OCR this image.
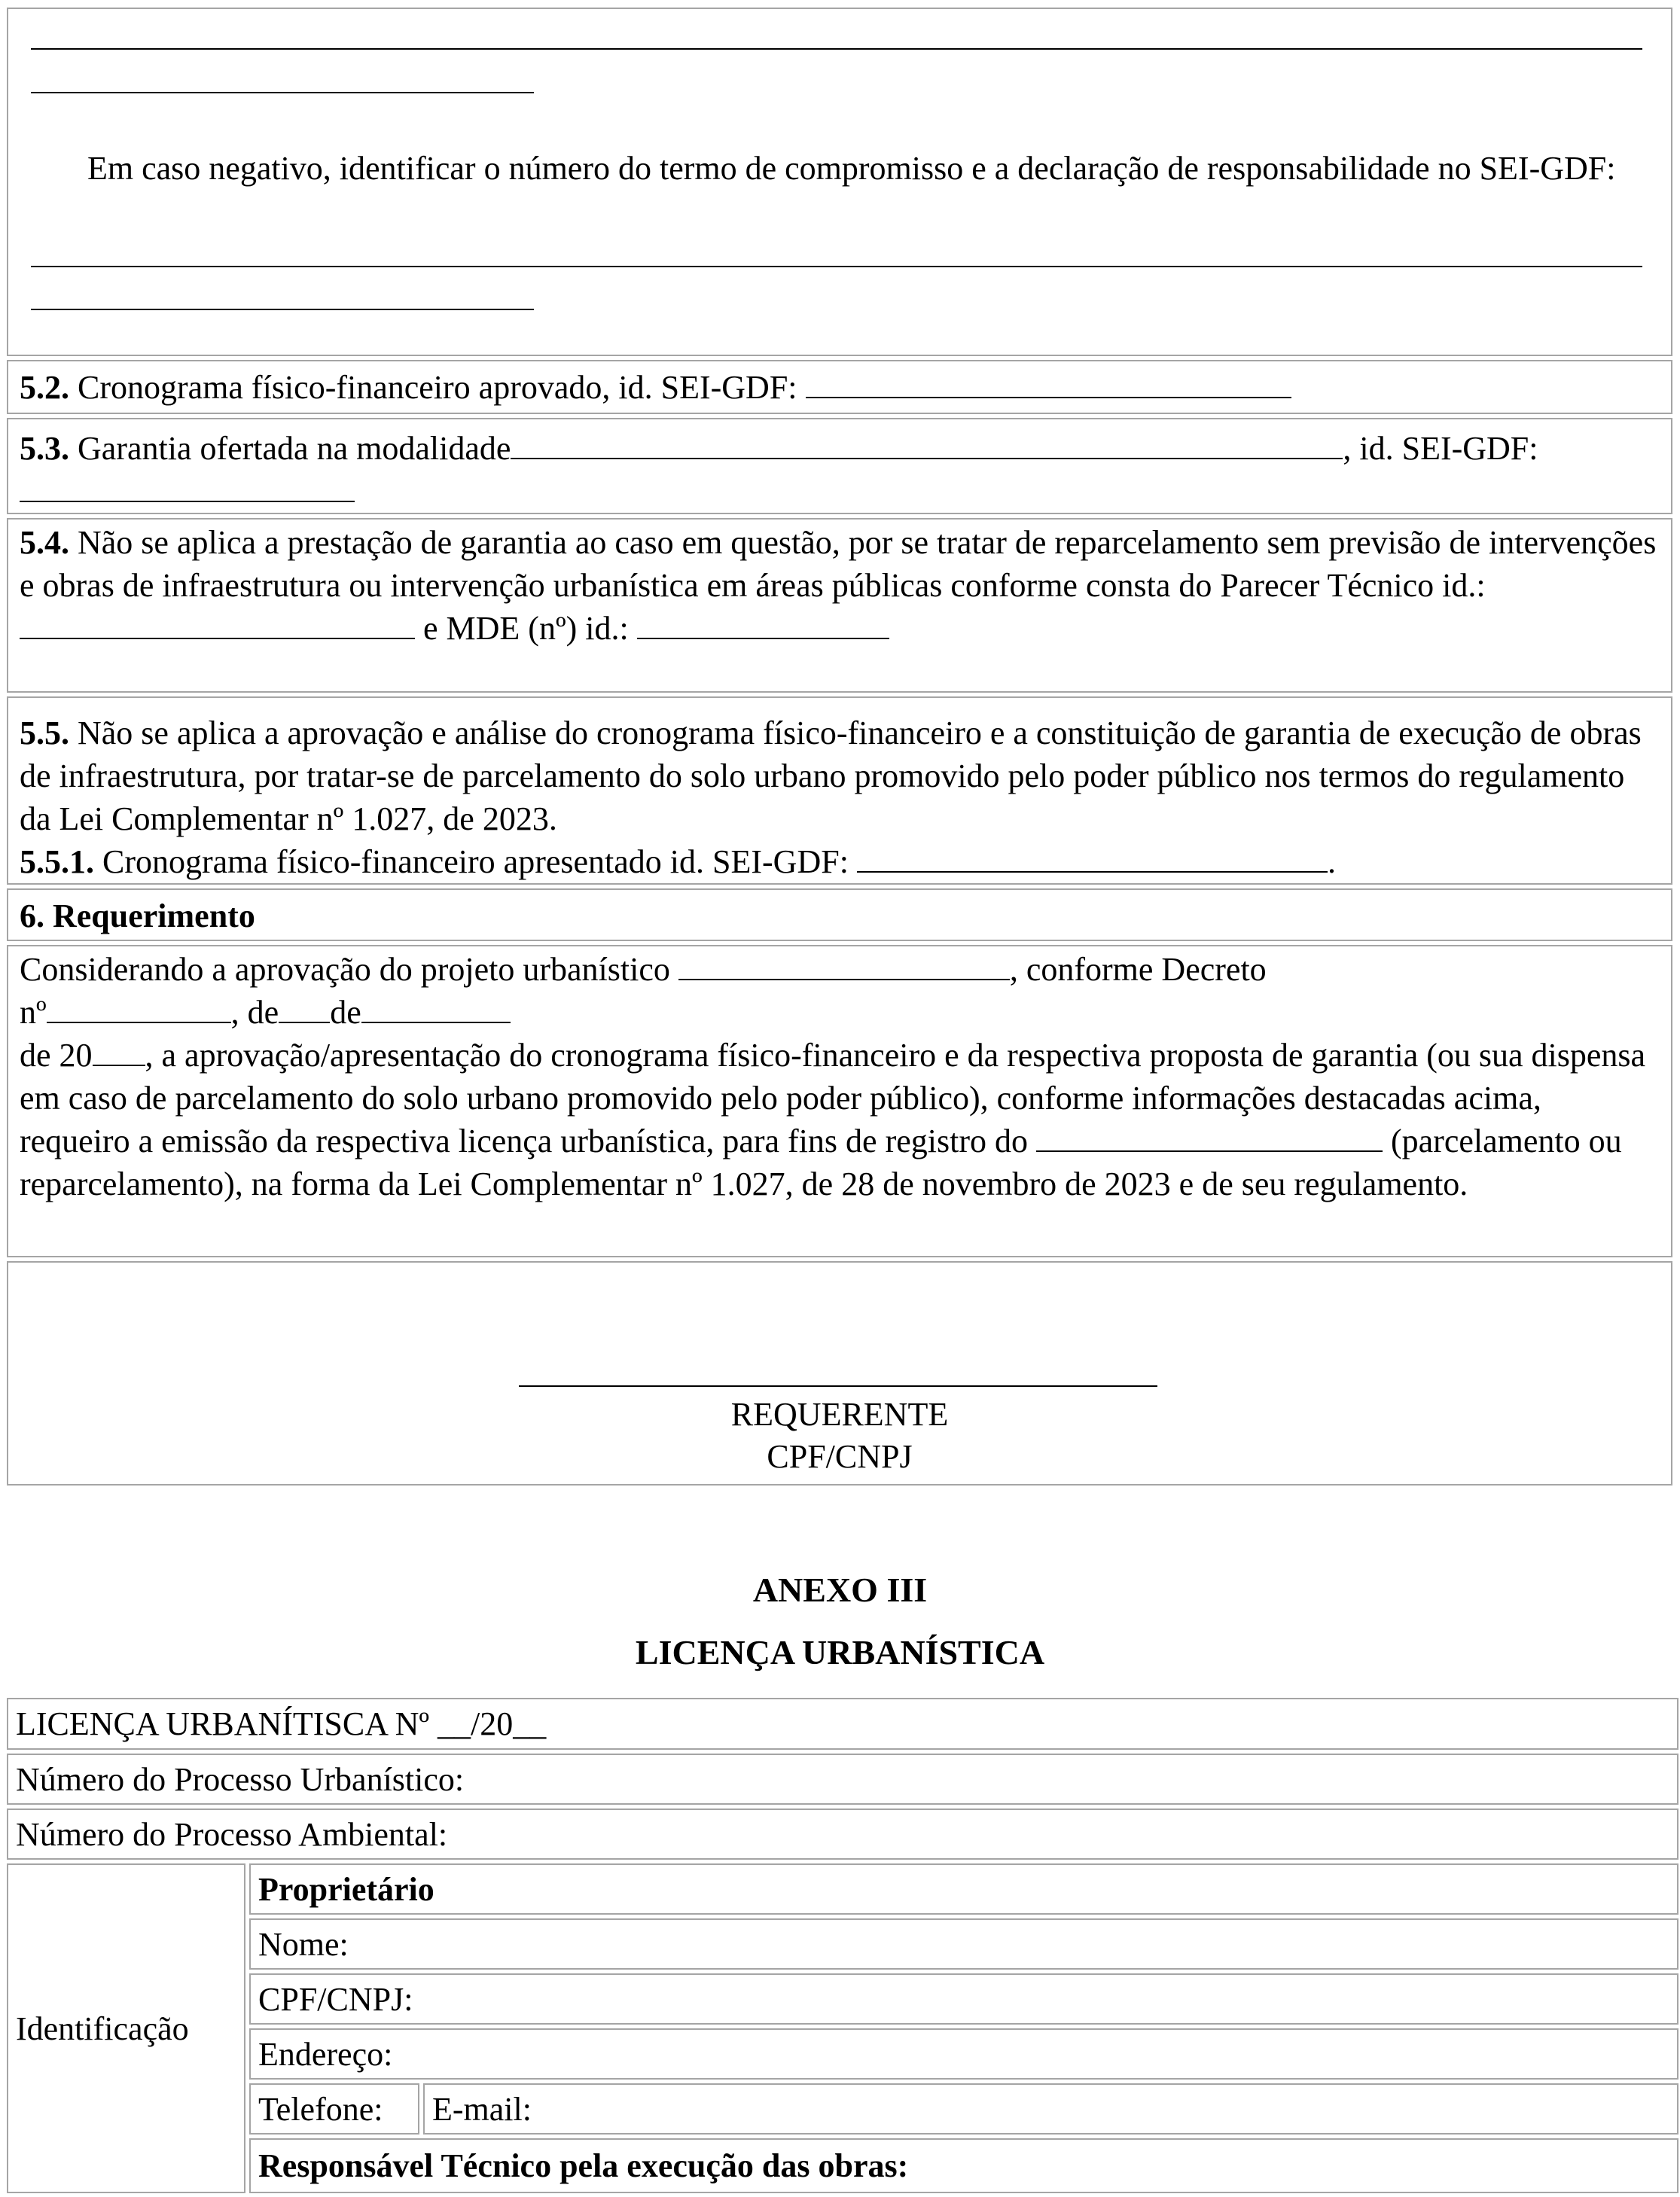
Em caso negativo, identificar o número do termo de compromisso e a declaração de responsabilidade no SEI-GDF:

5.2. Cronograma físico-financeiro aprovado, id. SEI-GDF:

5.3. Garantia ofertada na modalidade	, id. SEI-GDF:

5.4. Não se aplica a prestação de garantia ao caso em questão, por se tratar de reparcelamento sem previsão de intervenções e obras de infraestrutura ou intervenção urbanística em áreas públicas conforme consta do Parecer Técnico id.:  e MDE (nº) id.:

5.5. Não se aplica a aprovação e análise do cronograma físico-financeiro e a constituição de garantia de execução de obras de infraestrutura, por tratar-se de parcelamento do solo urbano promovido pelo poder público nos termos do regulamento da Lei Complementar nº 1.027, de 2023.

5.5.1. Cronograma físico-financeiro apresentado id. SEI-GDF:	.

6. Requerimento

Considerando a aprovação do projeto urbanístico	, conforme Decreto

nº	, de de

de 20 , a aprovação/apresentação do cronograma físico-financeiro e da respectiva proposta de garantia (ou sua dispensa em caso de parcelamento do solo urbano promovido pelo poder público), conforme informações destacadas acima, requeiro a emissão da respectiva licença urbanística, para fins de registro do	(parcelamento ou reparcelamento), na forma da Lei Complementar nº 1.027, de 28 de novembro de 2023 e de seu regulamento.

REQUERENTE

CPF/CNPJ

ANEXO III
LICENÇA URBANÍSTICA
LICENÇA URBANÍTISCA Nº __/20__
Número do Processo Urbanístico:
Número do Processo Ambiental:
Identificação
Proprietário
Nome:
CPF/CNPJ:
Endereço:
Telefone: E-mail:
Responsável Técnico pela execução das obras:
